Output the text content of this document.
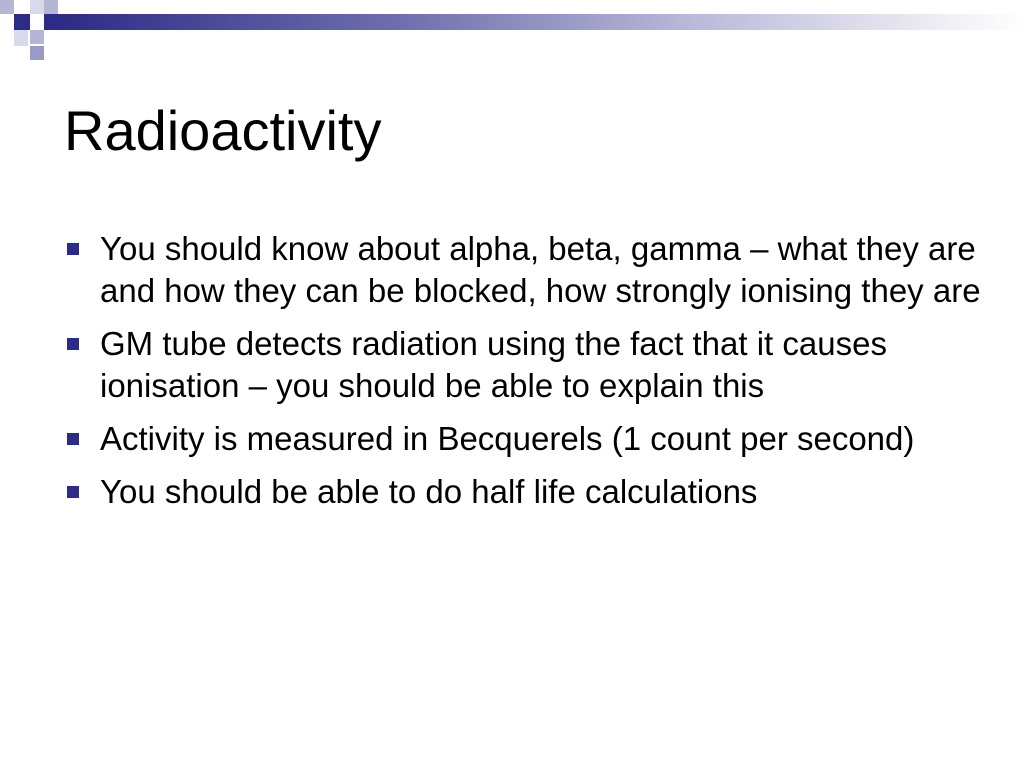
Radioactivity
You should know about alpha, beta, gamma – what they are and how they can be blocked, how strongly ionising they are
GM tube detects radiation using the fact that it causes ionisation – you should be able to explain this
Activity is measured in Becquerels (1 count per second)
You should be able to do half life calculations
